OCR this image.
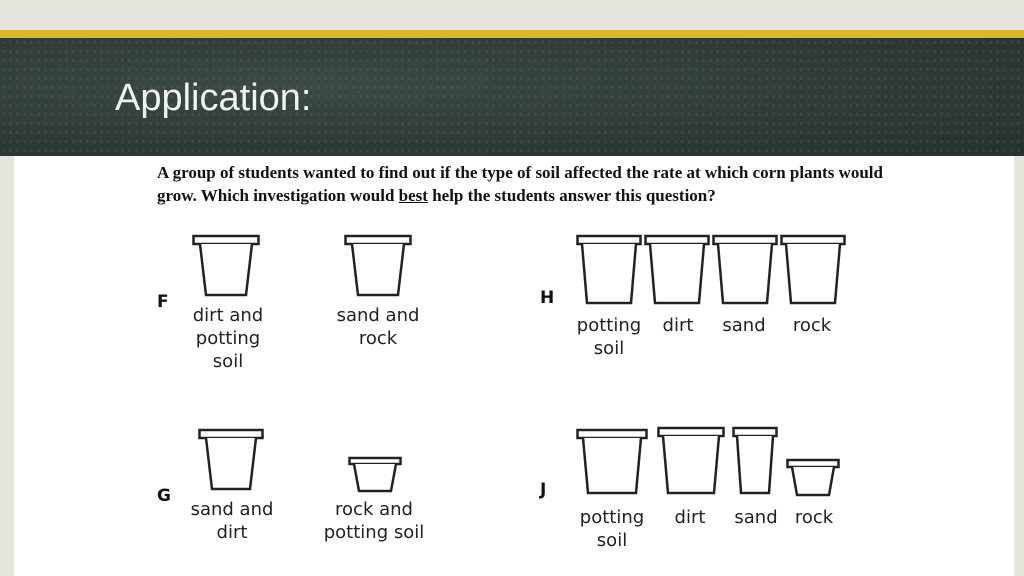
Application:

A group of students wanted to find out if the type of soil affected the rate at which corn plants would grow. Which investigation would best help the students answer this question?

F
dirt and potting soil
sand and rock
H
potting soil
dirt	sand	rock
G
sand and dirt
rock and potting soil
J
potting soil
dirt	sand rock
